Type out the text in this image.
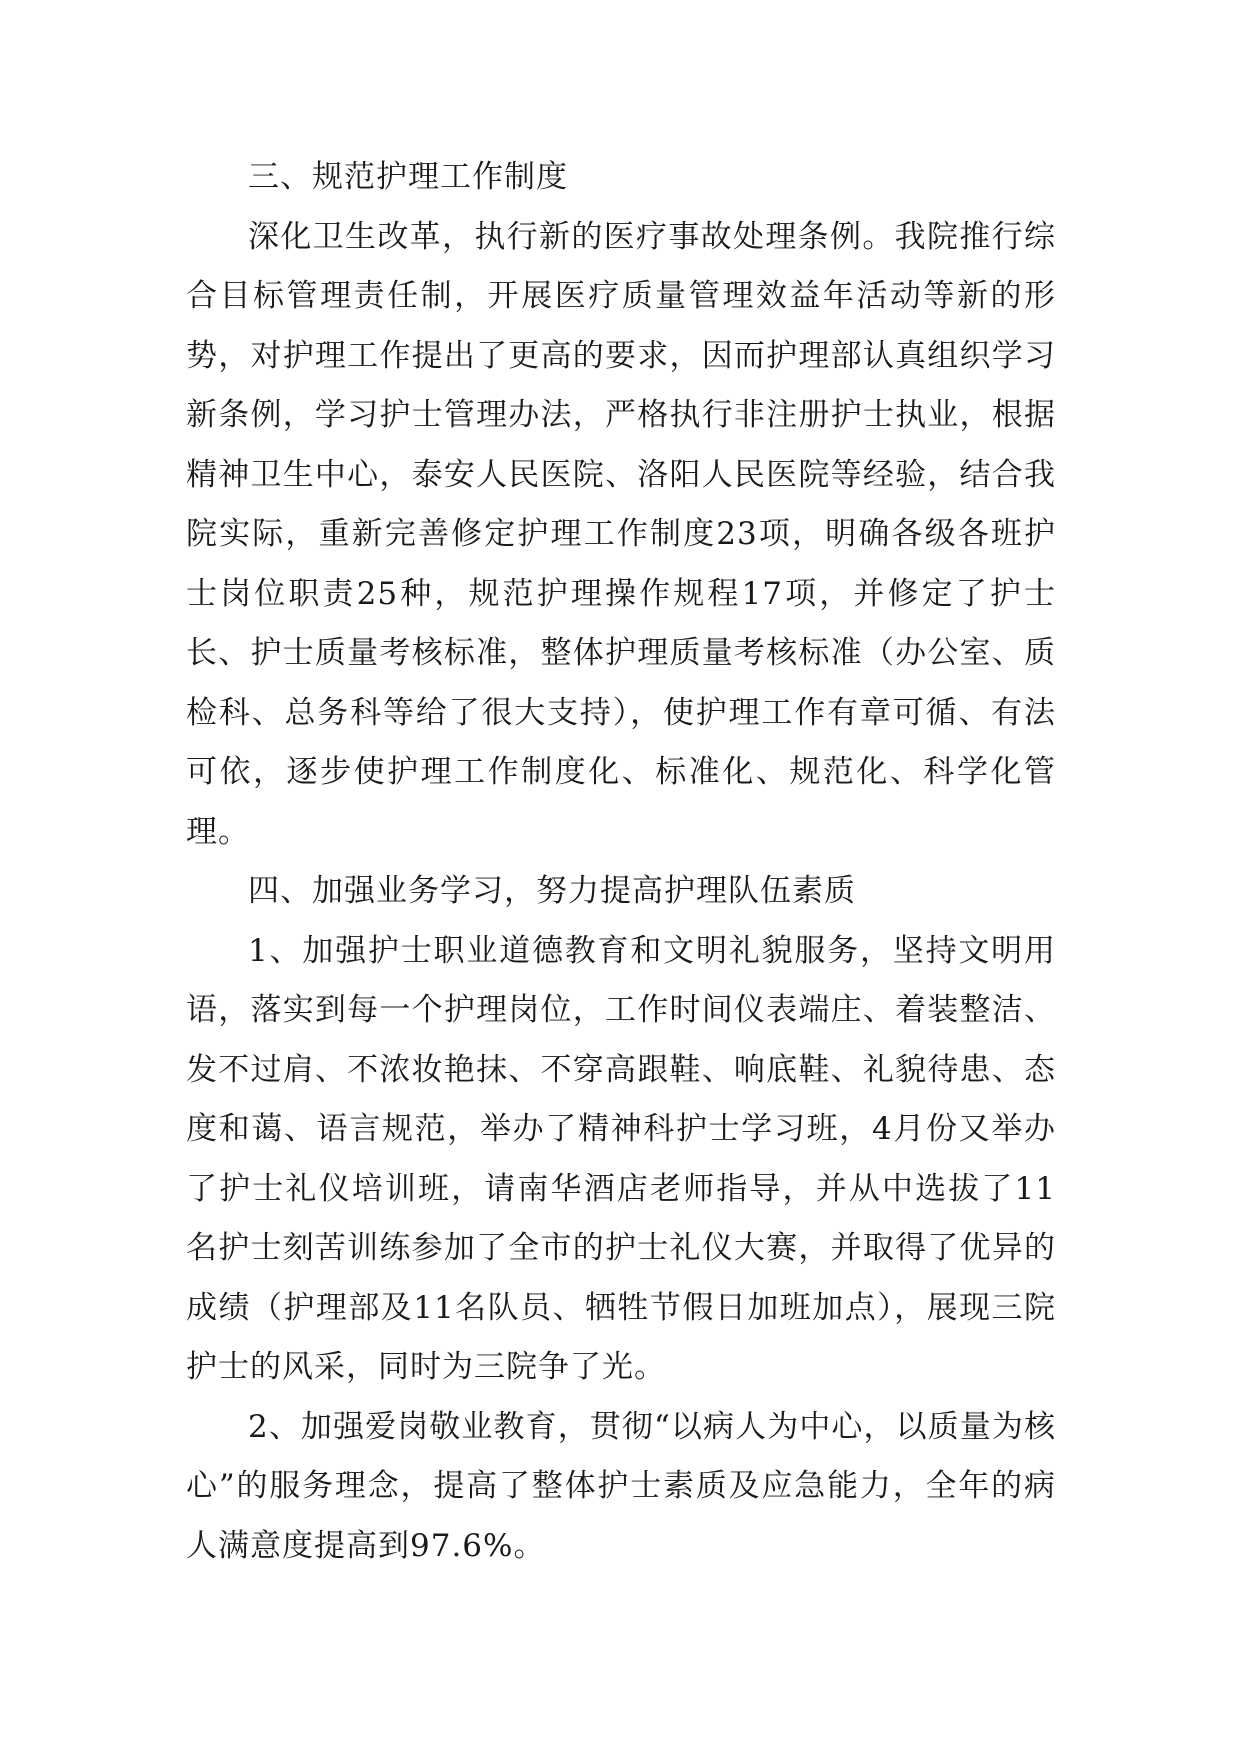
三、规范护理工作制度

深化卫生改革，执行新的医疗事故处理条例。我院推行综合目标管理责任制，开展医疗质量管理效益年活动等新的形势，对护理工作提出了更高的要求，因而护理部认真组织学习新条例，学习护士管理办法，严格执行非注册护士执业，根据精神卫生中心，泰安人民医院、洛阳人民医院等经验，结合我院实际，重新完善修定护理工作制度23项，明确各级各班护士岗位职责25种，规范护理操作规程17项，并修定了护士长、护士质量考核标准，整体护理质量考核标准（办公室、质检科、总务科等给了很大支持），使护理工作有章可循、有法可依，逐步使护理工作制度化、标准化、规范化、科学化管理。

四、加强业务学习，努力提高护理队伍素质

1、加强护士职业道德教育和文明礼貌服务，坚持文明用语，落实到每一个护理岗位，工作时间仪表端庄、着装整洁、发不过肩、不浓妆艳抹、不穿高跟鞋、响底鞋、礼貌待患、态度和蔼、语言规范，举办了精神科护士学习班，4月份又举办了护士礼仪培训班，请南华酒店老师指导，并从中选拔了11名护士刻苦训练参加了全市的护士礼仪大赛，并取得了优异的成绩（护理部及11名队员、牺牲节假日加班加点），展现三院护士的风采，同时为三院争了光。

2、加强爱岗敬业教育，贯彻“以病人为中心，以质量为核心”的服务理念，提高了整体护士素质及应急能力，全年的病人满意度提高到97.6%。
